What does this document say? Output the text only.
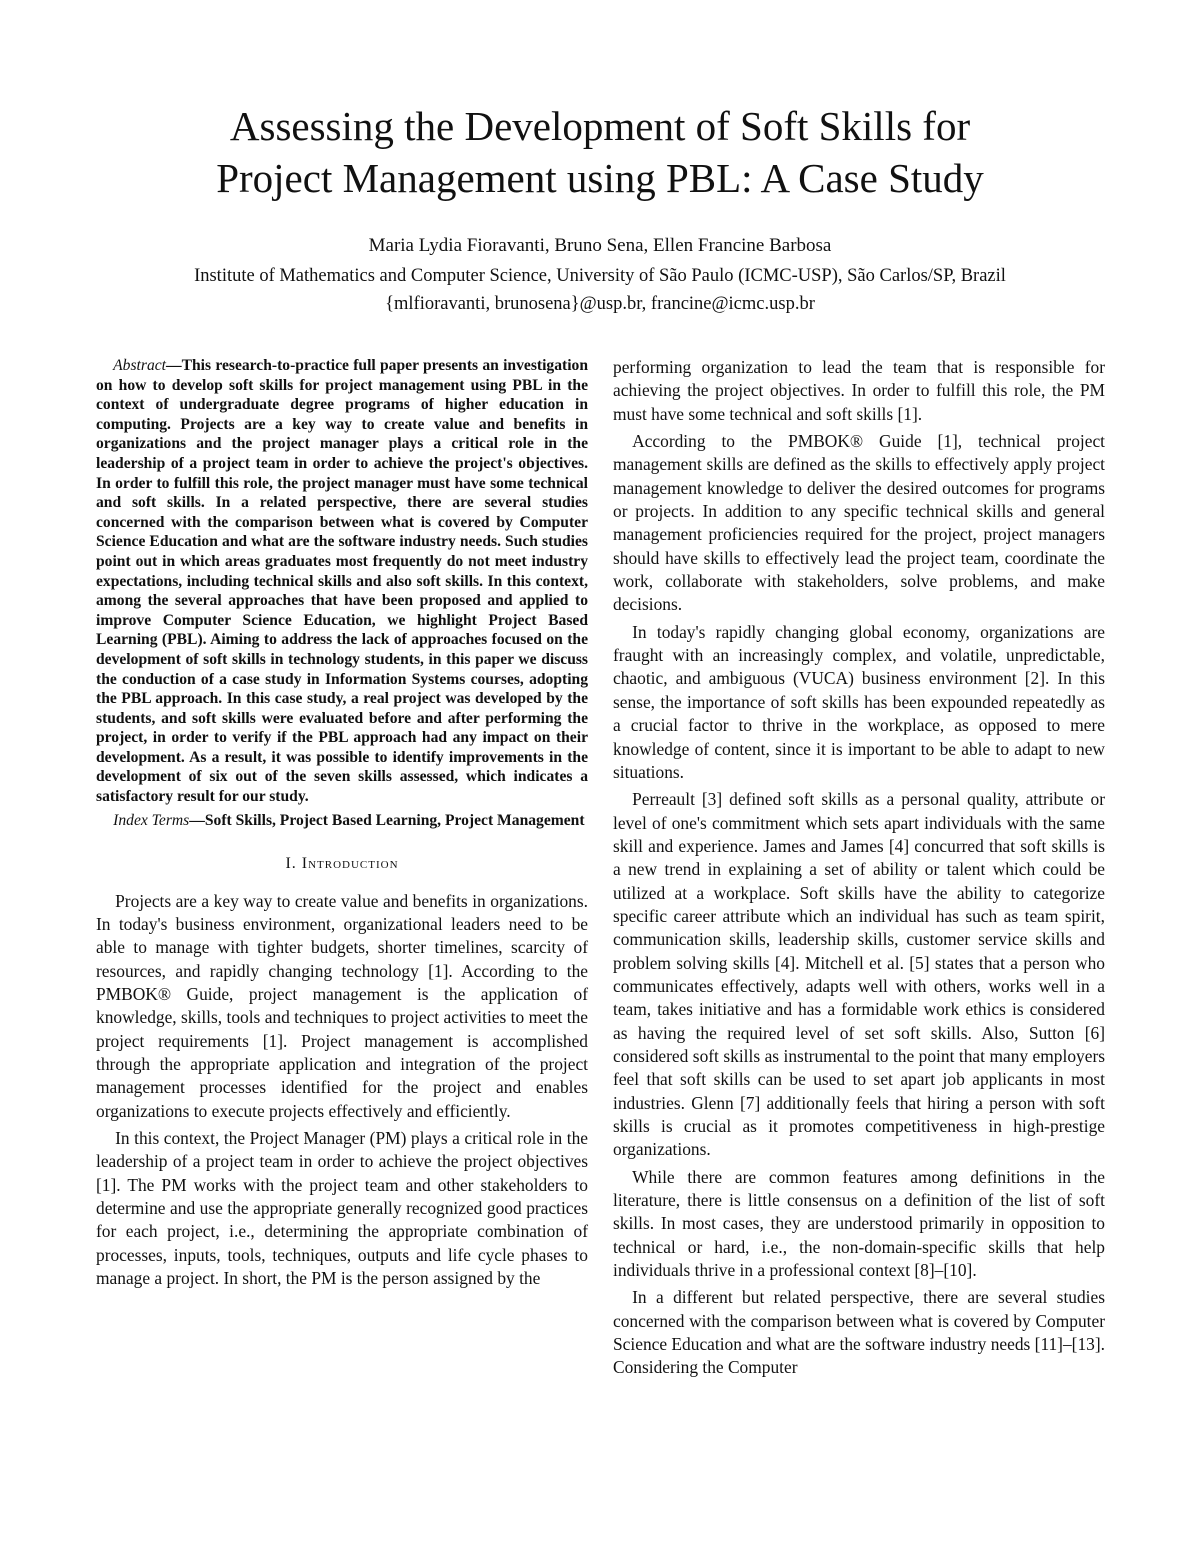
Assessing the Development of Soft Skills for
Project Management using PBL: A Case Study
Maria Lydia Fioravanti, Bruno Sena, Ellen Francine Barbosa
Institute of Mathematics and Computer Science, University of São Paulo (ICMC-USP), São Carlos/SP, Brazil
{mlfioravanti, brunosena}@usp.br, francine@icmc.usp.br

Abstract—This research-to-practice full paper presents an investigation on how to develop soft skills for project management using PBL in the context of undergraduate degree programs of higher education in computing. Projects are a key way to create value and benefits in organizations and the project manager plays a critical role in the leadership of a project team in order to achieve the project's objectives. In order to fulfill this role, the project manager must have some technical and soft skills. In a related perspective, there are several studies concerned with the comparison between what is covered by Computer Science Education and what are the software industry needs. Such studies point out in which areas graduates most frequently do not meet industry expectations, including technical skills and also soft skills. In this context, among the several approaches that have been proposed and applied to improve Computer Science Education, we highlight Project Based Learning (PBL). Aiming to address the lack of approaches focused on the development of soft skills in technology students, in this paper we discuss the conduction of a case study in Information Systems courses, adopting the PBL approach. In this case study, a real project was developed by the students, and soft skills were evaluated before and after performing the project, in order to verify if the PBL approach had any impact on their development. As a result, it was possible to identify improvements in the development of six out of the seven skills assessed, which indicates a satisfactory result for our study.

Index Terms—Soft Skills, Project Based Learning, Project Management

I. Introduction

Projects are a key way to create value and benefits in organizations. In today's business environment, organizational leaders need to be able to manage with tighter budgets, shorter timelines, scarcity of resources, and rapidly changing technology [1]. According to the PMBOK® Guide, project management is the application of knowledge, skills, tools and techniques to project activities to meet the project requirements [1]. Project management is accomplished through the appropriate application and integration of the project management processes identified for the project and enables organizations to execute projects effectively and efficiently.

In this context, the Project Manager (PM) plays a critical role in the leadership of a project team in order to achieve the project objectives [1]. The PM works with the project team and other stakeholders to determine and use the appropriate generally recognized good practices for each project, i.e., determining the appropriate combination of processes, inputs, tools, techniques, outputs and life cycle phases to manage a project. In short, the PM is the person assigned by the

performing organization to lead the team that is responsible for achieving the project objectives. In order to fulfill this role, the PM must have some technical and soft skills [1].

According to the PMBOK® Guide [1], technical project management skills are defined as the skills to effectively apply project management knowledge to deliver the desired outcomes for programs or projects. In addition to any specific technical skills and general management proficiencies required for the project, project managers should have skills to effectively lead the project team, coordinate the work, collaborate with stakeholders, solve problems, and make decisions.

In today's rapidly changing global economy, organizations are fraught with an increasingly complex, and volatile, unpredictable, chaotic, and ambiguous (VUCA) business environment [2]. In this sense, the importance of soft skills has been expounded repeatedly as a crucial factor to thrive in the workplace, as opposed to mere knowledge of content, since it is important to be able to adapt to new situations.

Perreault [3] defined soft skills as a personal quality, attribute or level of one's commitment which sets apart individuals with the same skill and experience. James and James [4] concurred that soft skills is a new trend in explaining a set of ability or talent which could be utilized at a workplace. Soft skills have the ability to categorize specific career attribute which an individual has such as team spirit, communication skills, leadership skills, customer service skills and problem solving skills [4]. Mitchell et al. [5] states that a person who communicates effectively, adapts well with others, works well in a team, takes initiative and has a formidable work ethics is considered as having the required level of set soft skills. Also, Sutton [6] considered soft skills as instrumental to the point that many employers feel that soft skills can be used to set apart job applicants in most industries. Glenn [7] additionally feels that hiring a person with soft skills is crucial as it promotes competitiveness in high-prestige organizations.

While there are common features among definitions in the literature, there is little consensus on a definition of the list of soft skills. In most cases, they are understood primarily in opposition to technical or hard, i.e., the non-domain-specific skills that help individuals thrive in a professional context [8]–[10].

In a different but related perspective, there are several studies concerned with the comparison between what is covered by Computer Science Education and what are the software industry needs [11]–[13]. Considering the Computer
